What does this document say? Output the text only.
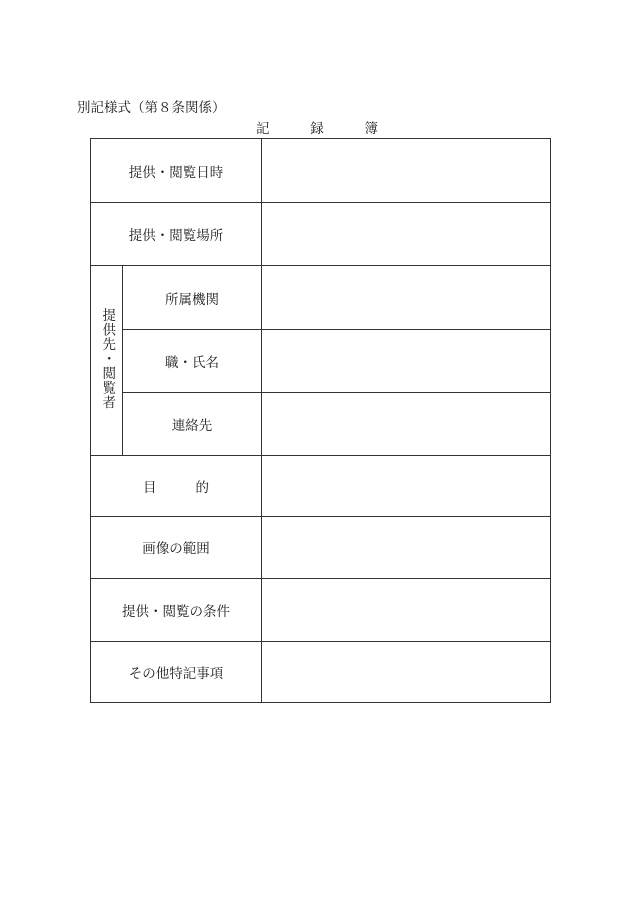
別記様式（第８条関係）
記	録	簿
提供・閲覧日時		
提供・閲覧場所		
提供先・閲覧者	所属機関	
	職・氏名	
	連絡先	

目 的		

画像の範囲		
提供・閲覧の条件		
その他特記事項		
